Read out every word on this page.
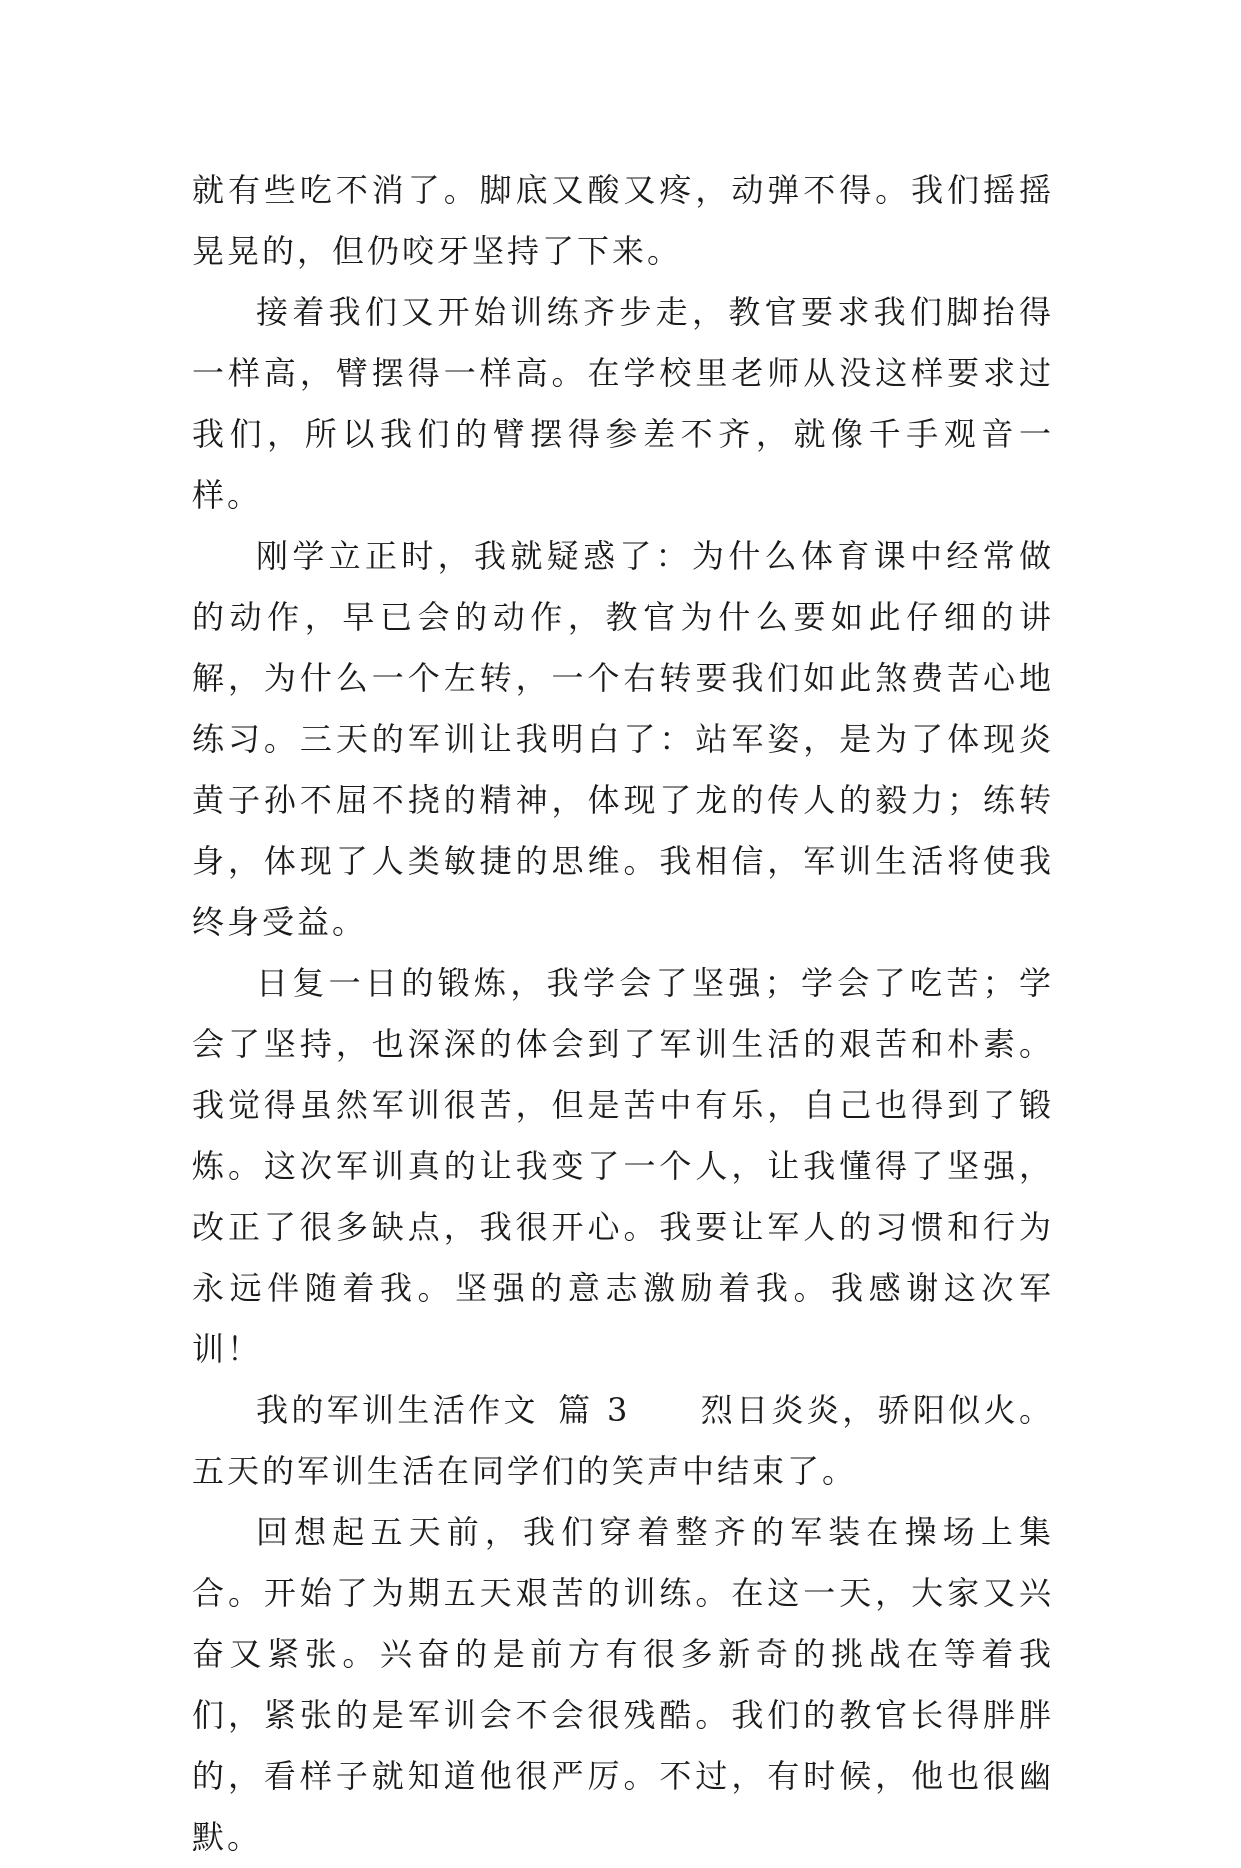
就有些吃不消了。脚底又酸又疼，动弹不得。我们摇摇晃晃的，但仍咬牙坚持了下来。

接着我们又开始训练齐步走，教官要求我们脚抬得一样高，臂摆得一样高。在学校里老师从没这样要求过我们，所以我们的臂摆得参差不齐，就像千手观音一样。

刚学立正时，我就疑惑了：为什么体育课中经常做的动作，早已会的动作，教官为什么要如此仔细的讲解，为什么一个左转，一个右转要我们如此煞费苦心地练习。三天的军训让我明白了：站军姿，是为了体现炎黄子孙不屈不挠的精神，体现了龙的传人的毅力；练转身，体现了人类敏捷的思维。我相信，军训生活将使我终身受益。

日复一日的锻炼，我学会了坚强；学会了吃苦；学会了坚持，也深深的体会到了军训生活的艰苦和朴素。我觉得虽然军训很苦，但是苦中有乐，自己也得到了锻炼。这次军训真的让我变了一个人，让我懂得了坚强，改正了很多缺点，我很开心。我要让军人的习惯和行为永远伴随着我。坚强的意志激励着我。我感谢这次军训！

我的军训生活作文  篇 3   烈日炎炎，骄阳似火。五天的军训生活在同学们的笑声中结束了。

回想起五天前，我们穿着整齐的军装在操场上集合。开始了为期五天艰苦的训练。在这一天，大家又兴奋又紧张。兴奋的是前方有很多新奇的挑战在等着我们，紧张的是军训会不会很残酷。我们的教官长得胖胖的，看样子就知道他很严厉。不过，有时候，他也很幽默。
